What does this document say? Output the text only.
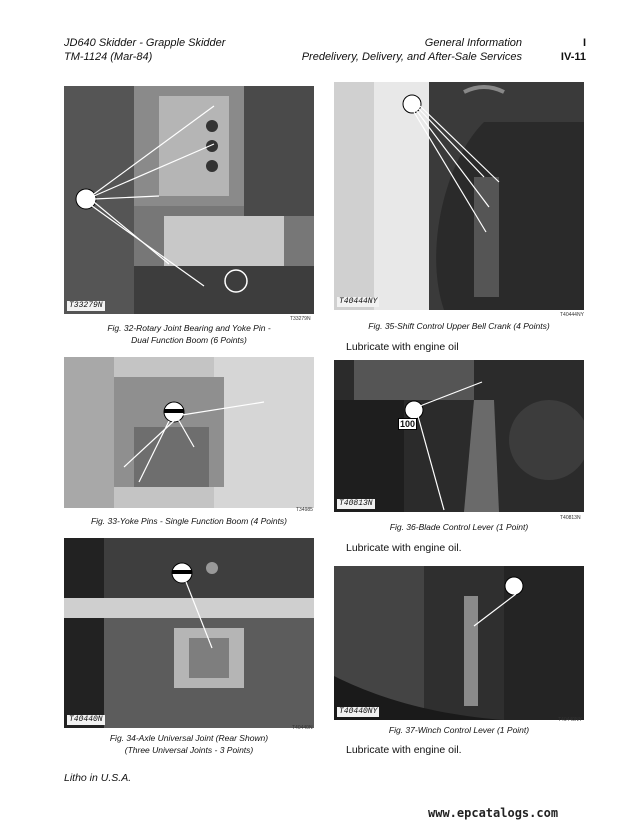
JD640 Skidder - Grapple Skidder
TM-1124 (Mar-84)
General Information
Predelivery, Delivery, and After-Sale Services
I
IV-11
T33279N
T33279N
Fig. 32-Rotary Joint Bearing and Yoke Pin -
Dual Function Boom (6 Points)
T40444NY
T40444NY
Fig. 35-Shift Control Upper Bell Crank (4 Points)
Lubricate with engine oil
T34985
Fig. 33-Yoke Pins - Single Function Boom (4 Points)
100
T40813N
T40813N
Fig. 36-Blade Control Lever (1 Point)
Lubricate with engine oil.
T40440N
T40440N
Fig. 34-Axle Universal Joint (Rear Shown)
(Three Universal Joints - 3 Points)
T40440NY
T40440NY
Fig. 37-Winch Control Lever (1 Point)
Lubricate with engine oil.
Litho in U.S.A.
www.epcatalogs.com
